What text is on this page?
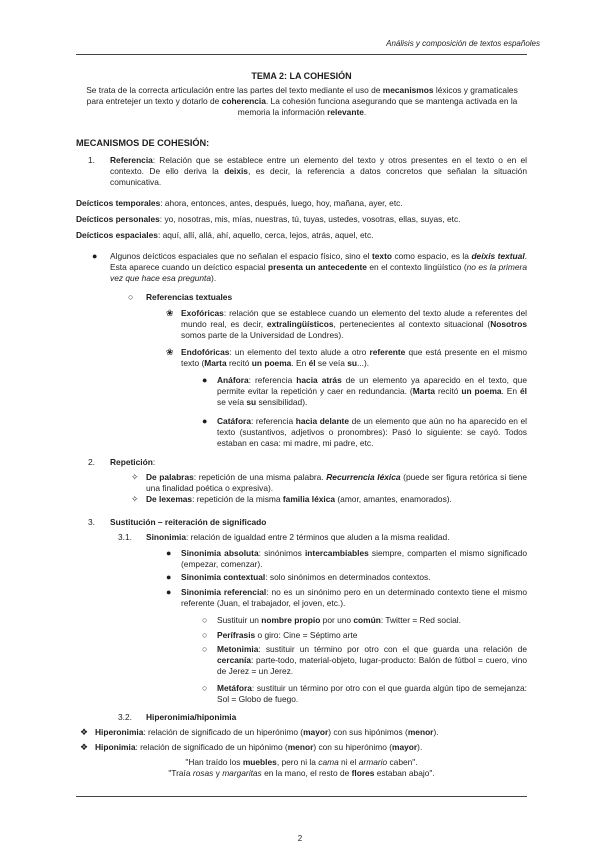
Análisis y composición de textos españoles
TEMA 2: LA COHESIÓN
Se trata de la correcta articulación entre las partes del texto mediante el uso de mecanismos léxicos y gramaticales para entretejer un texto y dotarlo de coherencia. La cohesión funciona asegurando que se mantenga activada en la memoria la información relevante.
MECANISMOS DE COHESIÓN:
1. Referencia: Relación que se establece entre un elemento del texto y otros presentes en el texto o en el contexto. De ello deriva la deixis, es decir, la referencia a datos concretos que señalan la situación comunicativa.
Deícticos temporales: ahora, entonces, antes, después, luego, hoy, mañana, ayer, etc.
Deícticos personales: yo, nosotras, mis, mías, nuestras, tú, tuyas, ustedes, vosotras, ellas, suyas, etc.
Deícticos espaciales: aquí, allí, allá, ahí, aquello, cerca, lejos, atrás, aquel, etc.
● Algunos deícticos espaciales que no señalan el espacio físico, sino el texto como espacio, es la deíxis textual. Esta aparece cuando un deíctico espacial presenta un antecedente en el contexto lingüístico (no es la primera vez que hace esa pregunta).
○ Referencias textuales
❀ Exofóricas: relación que se establece cuando un elemento del texto alude a referentes del mundo real, es decir, extralingüísticos, pertenecientes al contexto situacional (Nosotros somos parte de la Universidad de Londres).
❀ Endofóricas: un elemento del texto alude a otro referente que está presente en el mismo texto (Marta recitó un poema. En él se veía su...).
● Anáfora: referencia hacia atrás de un elemento ya aparecido en el texto, que permite evitar la repetición y caer en redundancia. (Marta recitó un poema. En él se veía su sensibilidad).
● Catáfora: referencia hacia delante de un elemento que aún no ha aparecido en el texto (sustantivos, adjetivos o pronombres): Pasó lo siguiente: se cayó. Todos estaban en casa: mi madre, mi padre, etc.
2. Repetición:
✧ De palabras: repetición de una misma palabra. Recurrencia léxica (puede ser figura retórica si tiene una finalidad poética o expresiva).
✧ De lexemas: repetición de la misma familia léxica (amor, amantes, enamorados).
3. Sustitución – reiteración de significado
3.1. Sinonimia: relación de igualdad entre 2 términos que aluden a la misma realidad.
● Sinonimia absoluta: sinónimos intercambiables siempre, comparten el mismo significado (empezar, comenzar).
● Sinonimia contextual: solo sinónimos en determinados contextos.
● Sinonimia referencial: no es un sinónimo pero en un determinado contexto tiene el mismo referente (Juan, el trabajador, el joven, etc.).
○ Sustituir un nombre propio por uno común: Twitter = Red social.
○ Perífrasis o giro: Cine = Séptimo arte
○ Metonimia: sustituir un término por otro con el que guarda una relación de cercanía: parte-todo, material-objeto, lugar-producto: Balón de fútbol = cuero, vino de Jerez = un Jerez.
○ Metáfora: sustituir un término por otro con el que guarda algún tipo de semejanza: Sol = Globo de fuego.
3.2. Hiperonimia/hiponimia
❖ Hiperonimia: relación de significado de un hiperónimo (mayor) con sus hipónimos (menor).
❖ Hiponimia: relación de significado de un hipónimo (menor) con su hiperónimo (mayor).
"Han traído los muebles, pero ni la cama ni el armario caben".
"Traía rosas y margaritas en la mano, el resto de flores estaban abajo".
2
